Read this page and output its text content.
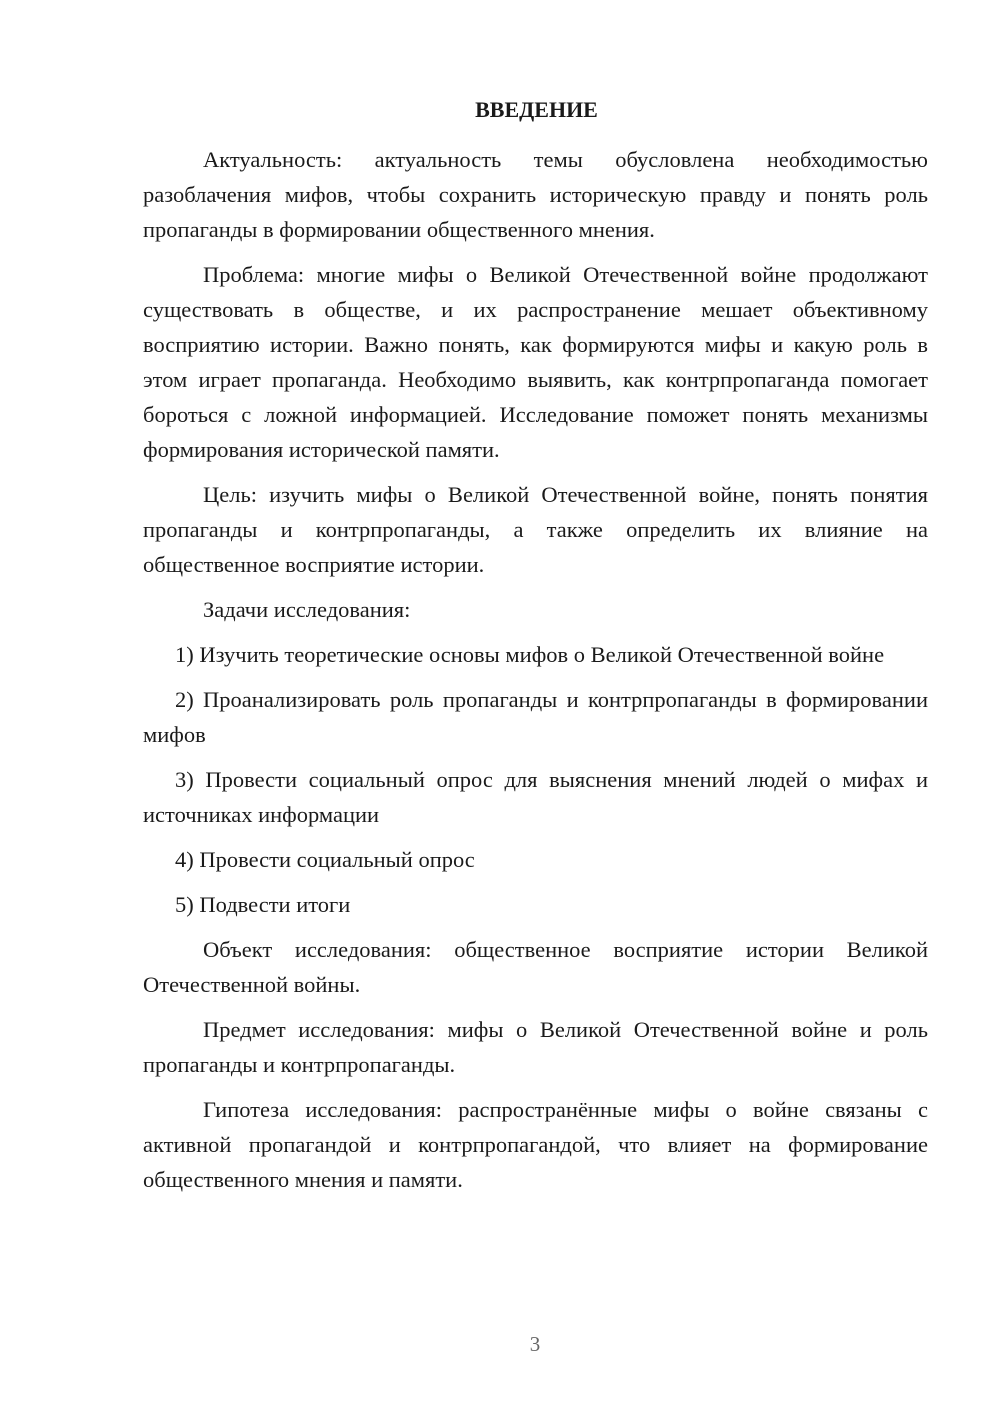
ВВЕДЕНИЕ

Актуальность: актуальность темы обусловлена необходимостью разоблачения мифов, чтобы сохранить историческую правду и понять роль пропаганды в формировании общественного мнения.

Проблема: многие мифы о Великой Отечественной войне продолжают существовать в обществе, и их распространение мешает объективному восприятию истории. Важно понять, как формируются мифы и какую роль в этом играет пропаганда. Необходимо выявить, как контрпропаганда помогает бороться с ложной информацией. Исследование поможет понять механизмы формирования исторической памяти.

Цель: изучить мифы о Великой Отечественной войне, понять понятия пропаганды и контрпропаганды, а также определить их влияние на общественное восприятие истории.

Задачи исследования:

1) Изучить теоретические основы мифов о Великой Отечественной войне

2) Проанализировать роль пропаганды и контрпропаганды в формировании мифов

3) Провести социальный опрос для выяснения мнений людей о мифах и источниках информации

4) Провести социальный опрос

5) Подвести итоги

Объект исследования: общественное восприятие истории Великой Отечественной войны.

Предмет исследования: мифы о Великой Отечественной войне и роль пропаганды и контрпропаганды.

Гипотеза исследования: распространённые мифы о войне связаны с активной пропагандой и контрпропагандой, что влияет на формирование общественного мнения и памяти.

3
